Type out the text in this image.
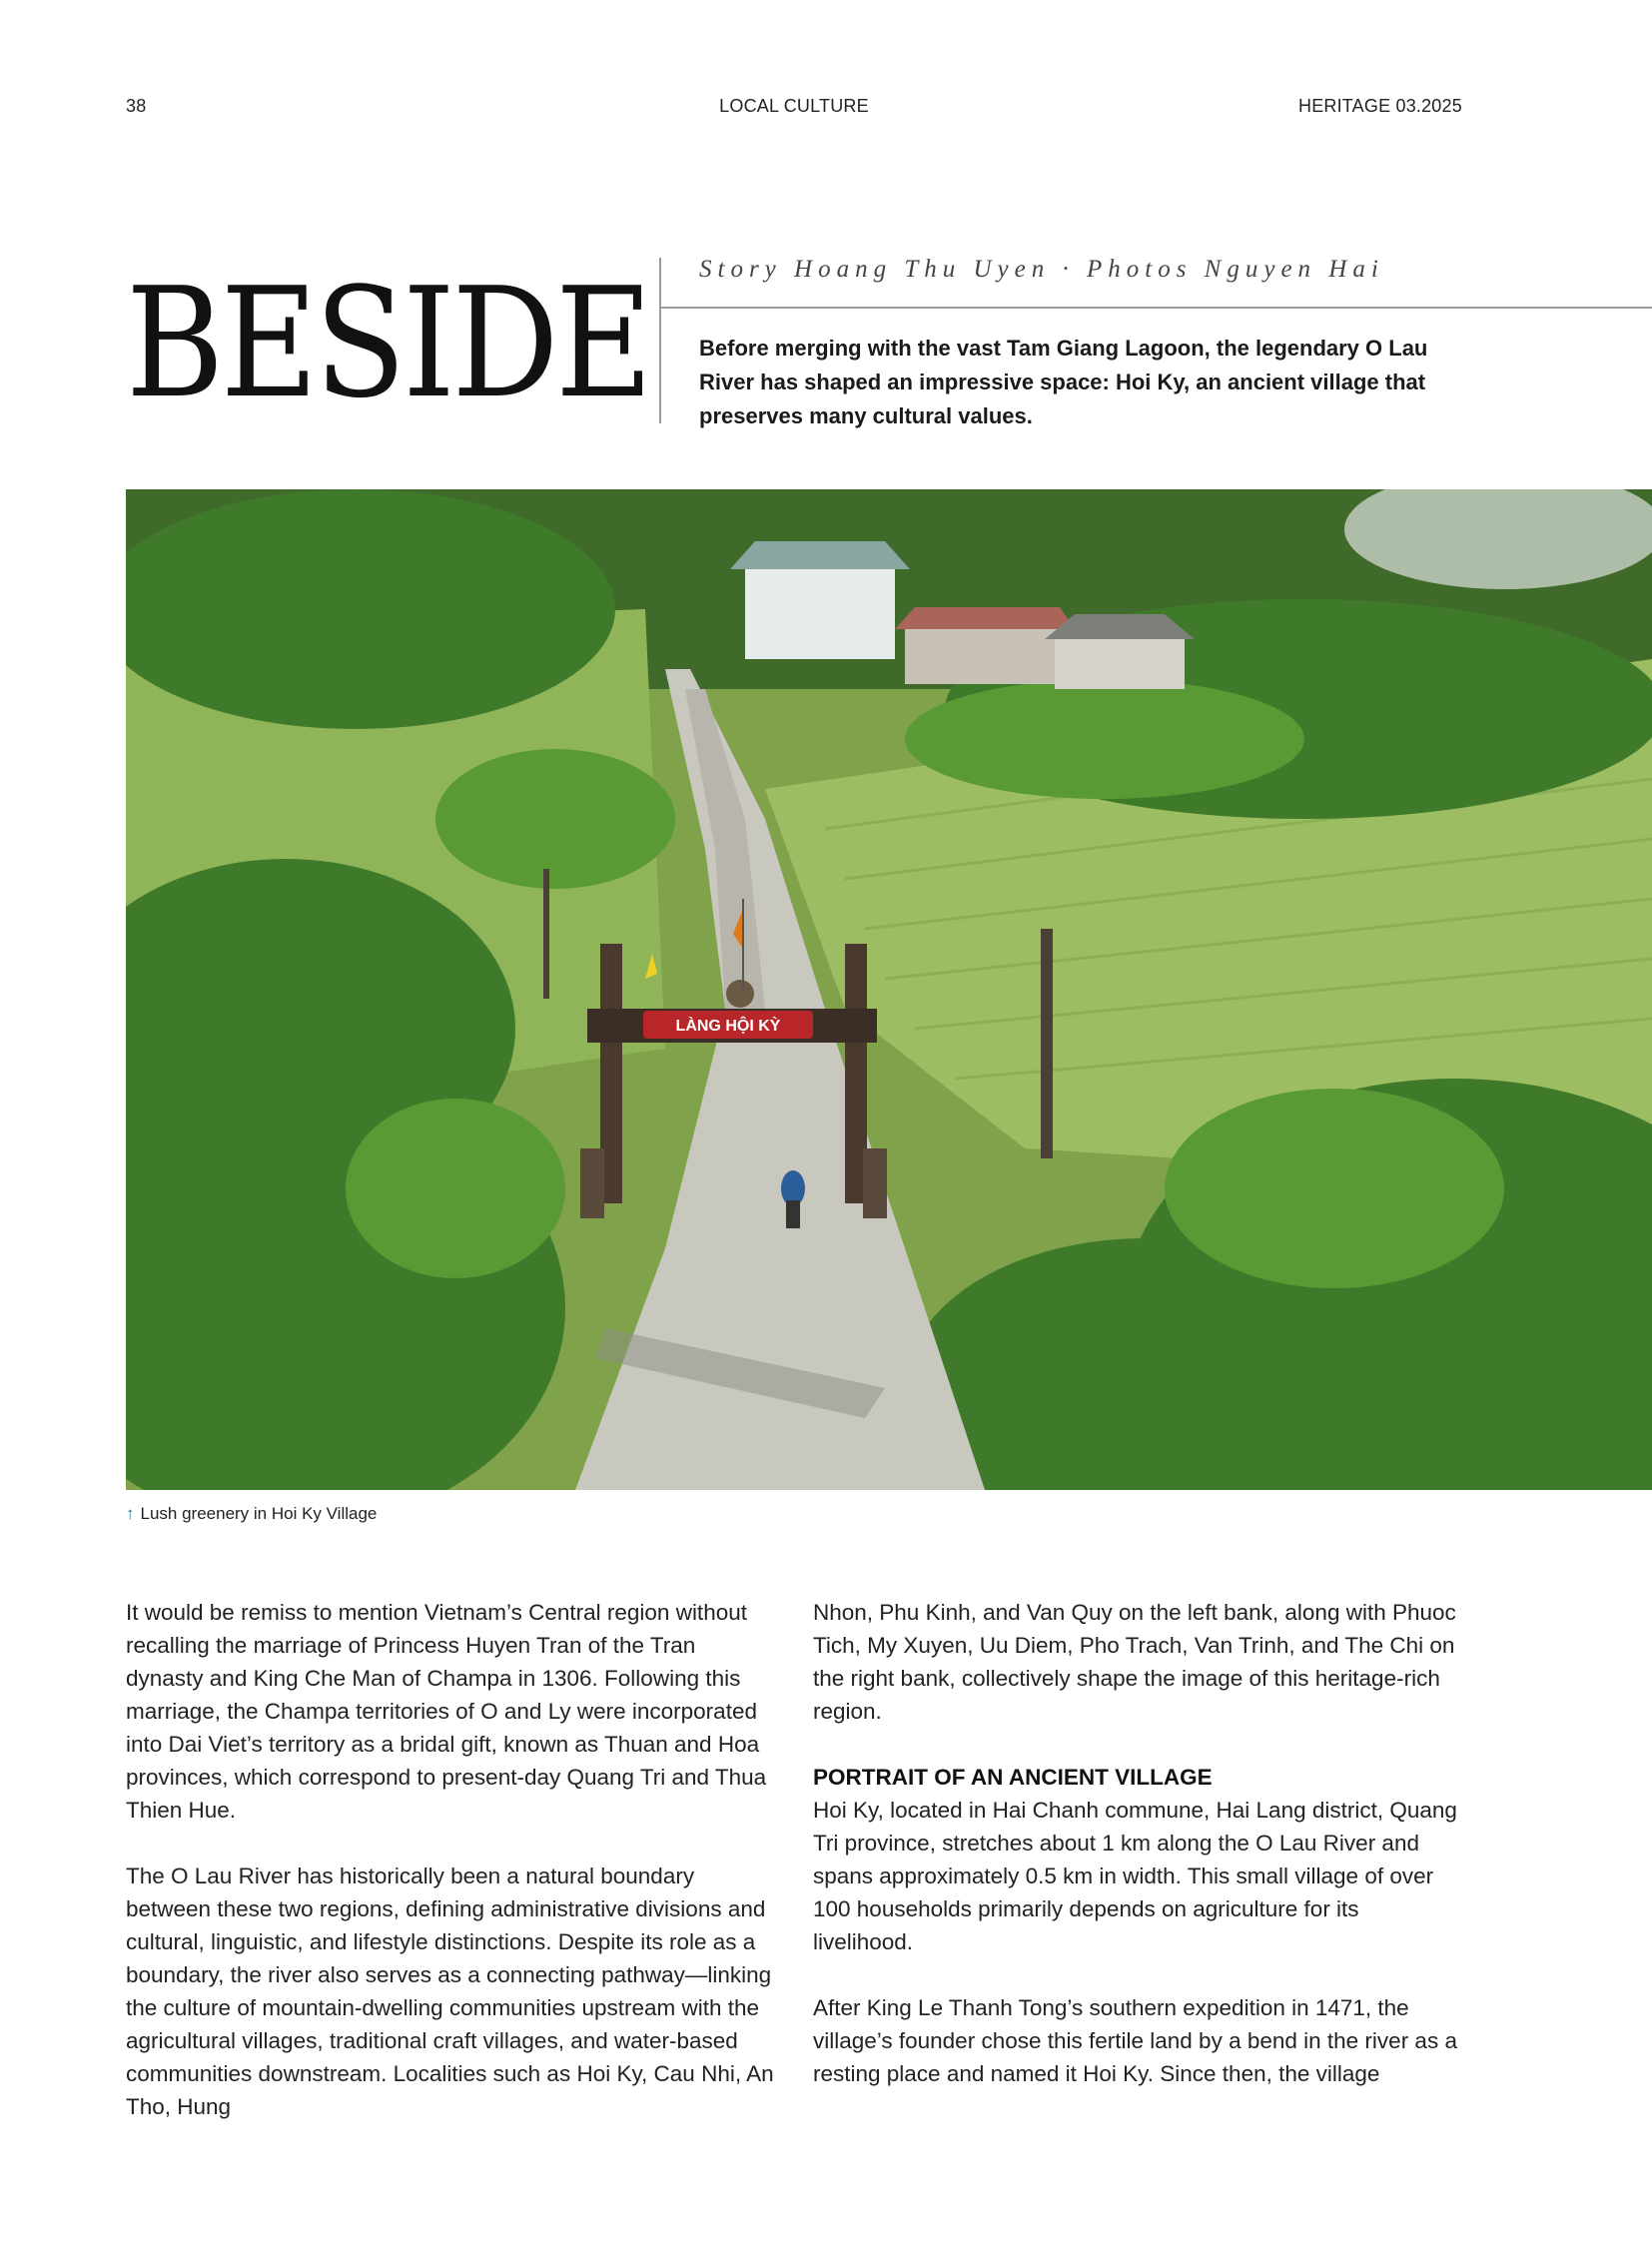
38	LOCAL CULTURE	HERITAGE 03.2025
BESIDE Story Hoang Thu Uyen · Photos Nguyen Hai
Before merging with the vast Tam Giang Lagoon, the legendary O Lau River has shaped an impressive space: Hoi Ky, an ancient village that preserves many cultural values.
LÀNG HỘI KỲ
↑ Lush greenery in Hoi Ky Village

It would be remiss to mention Vietnam’s Central region without recalling the marriage of Princess Huyen Tran of the Tran dynasty and King Che Man of Champa in 1306. Following this marriage, the Champa territories of O and Ly were incorporated into Dai Viet’s territory as a bridal gift, known as Thuan and Hoa provinces, which correspond to present-day Quang Tri and Thua Thien Hue.

The O Lau River has historically been a natural boundary between these two regions, defining administrative divisions and cultural, linguistic, and lifestyle distinctions. Despite its role as a boundary, the river also serves as a connecting pathway—linking the culture of mountain-dwelling communities upstream with the agricultural villages, traditional craft villages, and water-based communities downstream. Localities such as Hoi Ky, Cau Nhi, An Tho, Hung

Nhon, Phu Kinh, and Van Quy on the left bank, along with Phuoc Tich, My Xuyen, Uu Diem, Pho Trach, Van Trinh, and The Chi on the right bank, collectively shape the image of this heritage-rich region.

PORTRAIT OF AN ANCIENT VILLAGE

Hoi Ky, located in Hai Chanh commune, Hai Lang district, Quang Tri province, stretches about 1 km along the O Lau River and spans approximately 0.5 km in width. This small village of over 100 households primarily depends on agriculture for its livelihood.

After King Le Thanh Tong’s southern expedition in 1471, the village’s founder chose this fertile land by a bend in the river as a resting place and named it Hoi Ky. Since then, the village
